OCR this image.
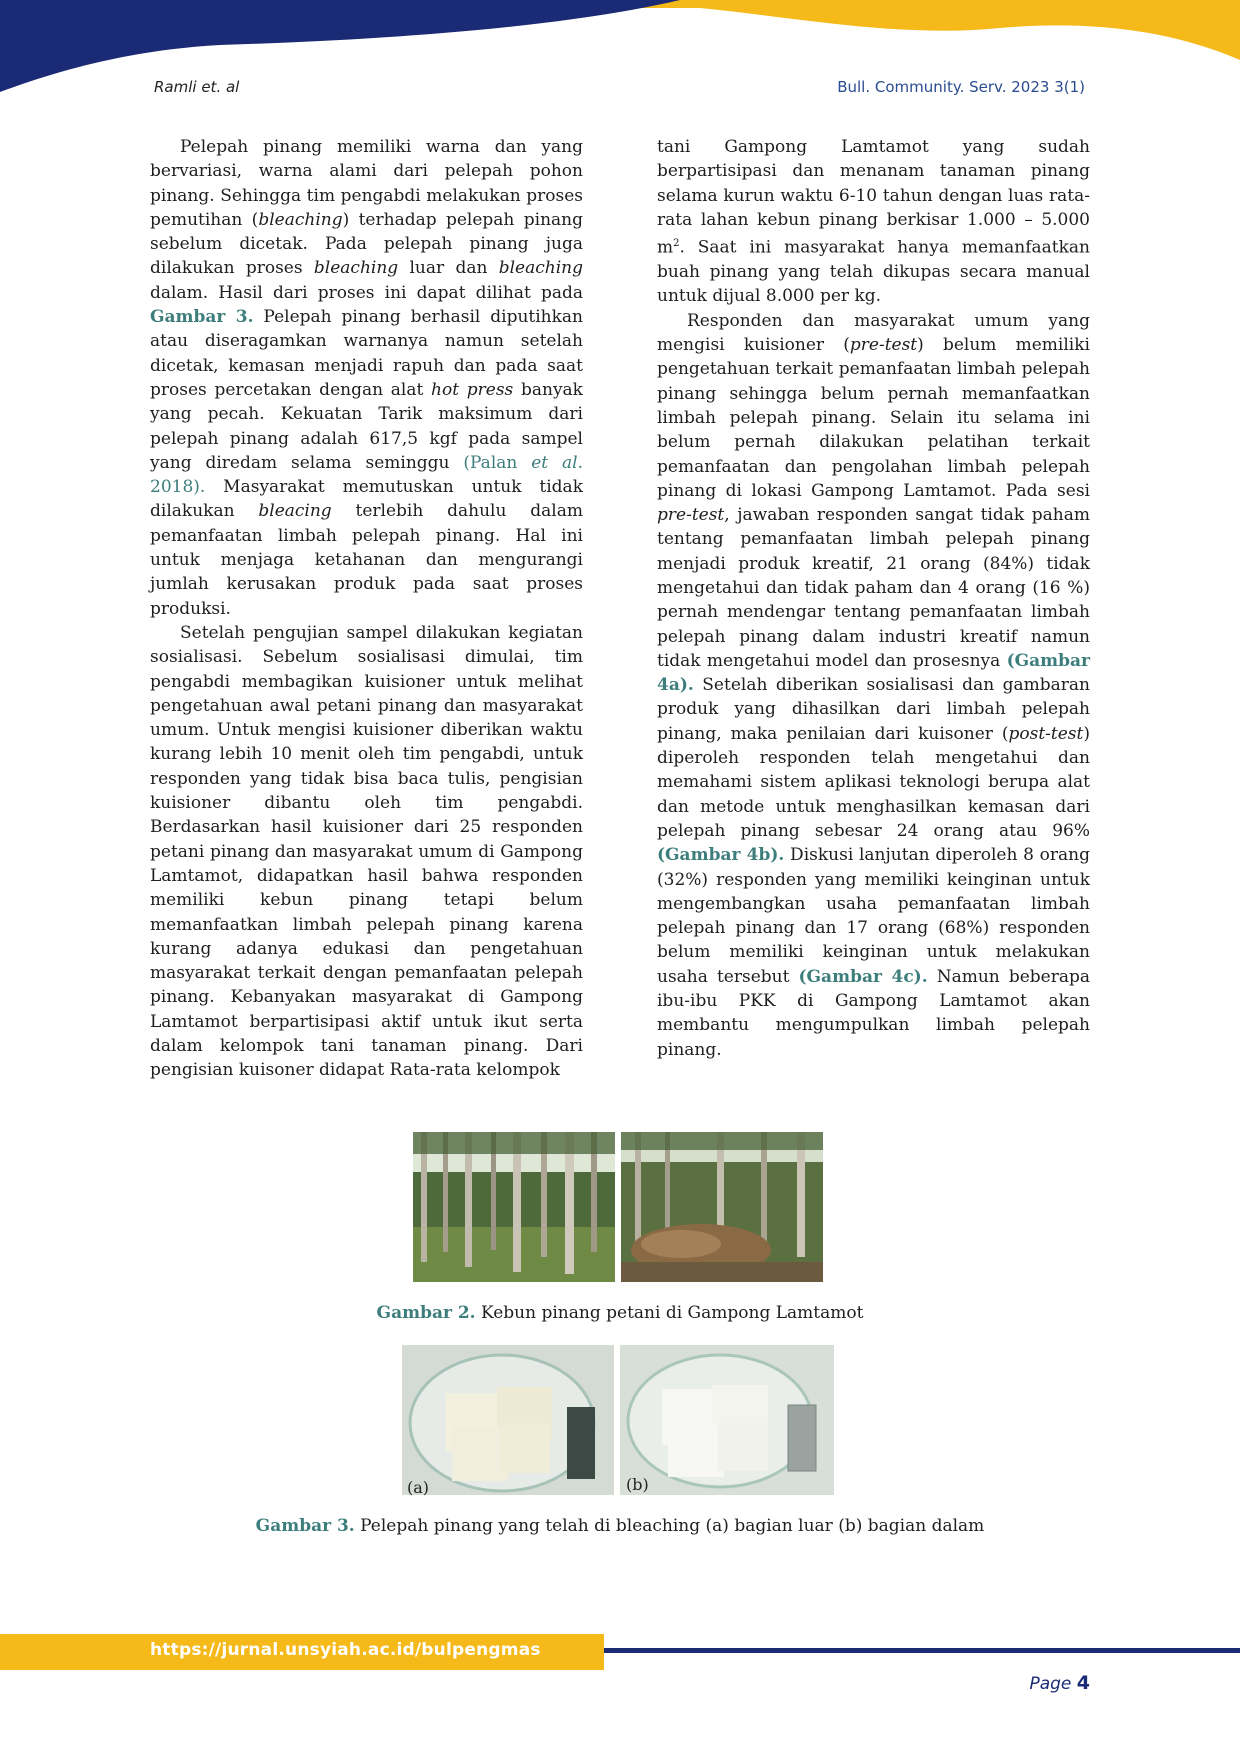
Ramli et. al	Bull. Community. Serv. 2023 3(1)

Pelepah pinang memiliki warna dan yang bervariasi, warna alami dari pelepah pohon pinang. Sehingga tim pengabdi melakukan proses pemutihan (bleaching) terhadap pelepah pinang sebelum dicetak. Pada pelepah pinang juga dilakukan proses bleaching luar dan bleaching dalam. Hasil dari proses ini dapat dilihat pada Gambar 3. Pelepah pinang berhasil diputihkan atau diseragamkan warnanya namun setelah dicetak, kemasan menjadi rapuh dan pada saat proses percetakan dengan alat hot press banyak yang pecah. Kekuatan Tarik maksimum dari pelepah pinang adalah 617,5 kgf pada sampel yang diredam selama seminggu (Palan et al. 2018). Masyarakat memutuskan untuk tidak dilakukan bleacing terlebih dahulu dalam pemanfaatan limbah pelepah pinang. Hal ini untuk menjaga ketahanan dan mengurangi jumlah kerusakan produk pada saat proses produksi.

Setelah pengujian sampel dilakukan kegiatan sosialisasi. Sebelum sosialisasi dimulai, tim pengabdi membagikan kuisioner untuk melihat pengetahuan awal petani pinang dan masyarakat umum. Untuk mengisi kuisioner diberikan waktu kurang lebih 10 menit oleh tim pengabdi, untuk responden yang tidak bisa baca tulis, pengisian kuisioner dibantu oleh tim pengabdi. Berdasarkan hasil kuisioner dari 25 responden petani pinang dan masyarakat umum di Gampong Lamtamot, didapatkan hasil bahwa responden memiliki kebun pinang tetapi belum memanfaatkan limbah pelepah pinang karena kurang adanya edukasi dan pengetahuan masyarakat terkait dengan pemanfaatan pelepah pinang. Kebanyakan masyarakat di Gampong Lamtamot berpartisipasi aktif untuk ikut serta dalam kelompok tani tanaman pinang. Dari pengisian kuisoner didapat Rata-rata kelompok

tani Gampong Lamtamot yang sudah berpartisipasi dan menanam tanaman pinang selama kurun waktu 6-10 tahun dengan luas rata-rata lahan kebun pinang berkisar 1.000 – 5.000 $m^2$. Saat ini masyarakat hanya memanfaatkan buah pinang yang telah dikupas secara manual untuk dijual 8.000 per kg.

Responden dan masyarakat umum yang mengisi kuisioner (pre-test) belum memiliki pengetahuan terkait pemanfaatan limbah pelepah pinang sehingga belum pernah memanfaatkan limbah pelepah pinang. Selain itu selama ini belum pernah dilakukan pelatihan terkait pemanfaatan dan pengolahan limbah pelepah pinang di lokasi Gampong Lamtamot. Pada sesi pre-test, jawaban responden sangat tidak paham tentang pemanfaatan limbah pelepah pinang menjadi produk kreatif, 21 orang (84%) tidak mengetahui dan tidak paham dan 4 orang (16 %) pernah mendengar tentang pemanfaatan limbah pelepah pinang dalam industri kreatif namun tidak mengetahui model dan prosesnya (Gambar 4a). Setelah diberikan sosialisasi dan gambaran produk yang dihasilkan dari limbah pelepah pinang, maka penilaian dari kuisoner (post-test) diperoleh responden telah mengetahui dan memahami sistem aplikasi teknologi berupa alat dan metode untuk menghasilkan kemasan dari pelepah pinang sebesar 24 orang atau 96% (Gambar 4b). Diskusi lanjutan diperoleh 8 orang (32%) responden yang memiliki keinginan untuk mengembangkan usaha pemanfaatan limbah pelepah pinang dan 17 orang (68%) responden belum memiliki keinginan untuk melakukan usaha tersebut (Gambar 4c). Namun beberapa ibu-ibu PKK di Gampong Lamtamot akan membantu mengumpulkan limbah pelepah pinang.

Gambar 2. Kebun pinang petani di Gampong Lamtamot
(a)	(b)
Gambar 3. Pelepah pinang yang telah di bleaching (a) bagian luar (b) bagian dalam
https://jurnal.unsyiah.ac.id/bulpengmas
Page 4
